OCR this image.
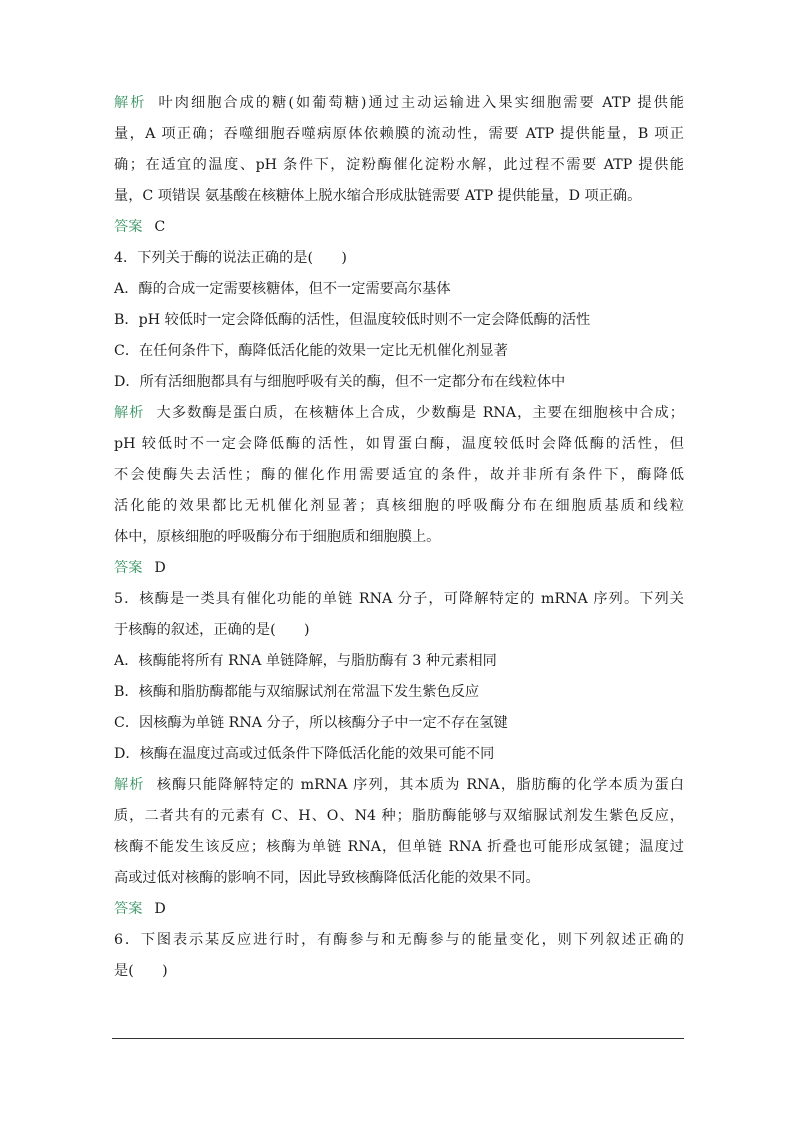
解析 叶肉细胞合成的糖(如葡萄糖)通过主动运输进入果实细胞需要 ATP 提供能
量，A 项正确；吞噬细胞吞噬病原体依赖膜的流动性，需要 ATP 提供能量，B 项正
确；在适宜的温度、pH 条件下，淀粉酶催化淀粉水解，此过程不需要 ATP 提供能
量，C 项错误 氨基酸在核糖体上脱水缩合形成肽链需要 ATP 提供能量，D 项正确。
答案 C
4．下列关于酶的说法正确的是(　　)
A．酶的合成一定需要核糖体，但不一定需要高尔基体
B．pH 较低时一定会降低酶的活性，但温度较低时则不一定会降低酶的活性
C．在任何条件下，酶降低活化能的效果一定比无机催化剂显著
D．所有活细胞都具有与细胞呼吸有关的酶，但不一定都分布在线粒体中
解析 大多数酶是蛋白质，在核糖体上合成，少数酶是 RNA，主要在细胞核中合成；
pH 较低时不一定会降低酶的活性，如胃蛋白酶，温度较低时会降低酶的活性，但
不会使酶失去活性；酶的催化作用需要适宜的条件，故并非所有条件下，酶降低
活化能的效果都比无机催化剂显著；真核细胞的呼吸酶分布在细胞质基质和线粒
体中，原核细胞的呼吸酶分布于细胞质和细胞膜上。
答案 D
5．核酶是一类具有催化功能的单链 RNA 分子，可降解特定的 mRNA 序列。下列关
于核酶的叙述，正确的是(　　)
A．核酶能将所有 RNA 单链降解，与脂肪酶有 3 种元素相同
B．核酶和脂肪酶都能与双缩脲试剂在常温下发生紫色反应
C．因核酶为单链 RNA 分子，所以核酶分子中一定不存在氢键
D．核酶在温度过高或过低条件下降低活化能的效果可能不同
解析 核酶只能降解特定的 mRNA 序列，其本质为 RNA，脂肪酶的化学本质为蛋白
质，二者共有的元素有 C、H、O、N4 种；脂肪酶能够与双缩脲试剂发生紫色反应，
核酶不能发生该反应；核酶为单链 RNA，但单链 RNA 折叠也可能形成氢键；温度过
高或过低对核酶的影响不同，因此导致核酶降低活化能的效果不同。
答案 D
6．下图表示某反应进行时，有酶参与和无酶参与的能量变化，则下列叙述正确的
是(　　)
